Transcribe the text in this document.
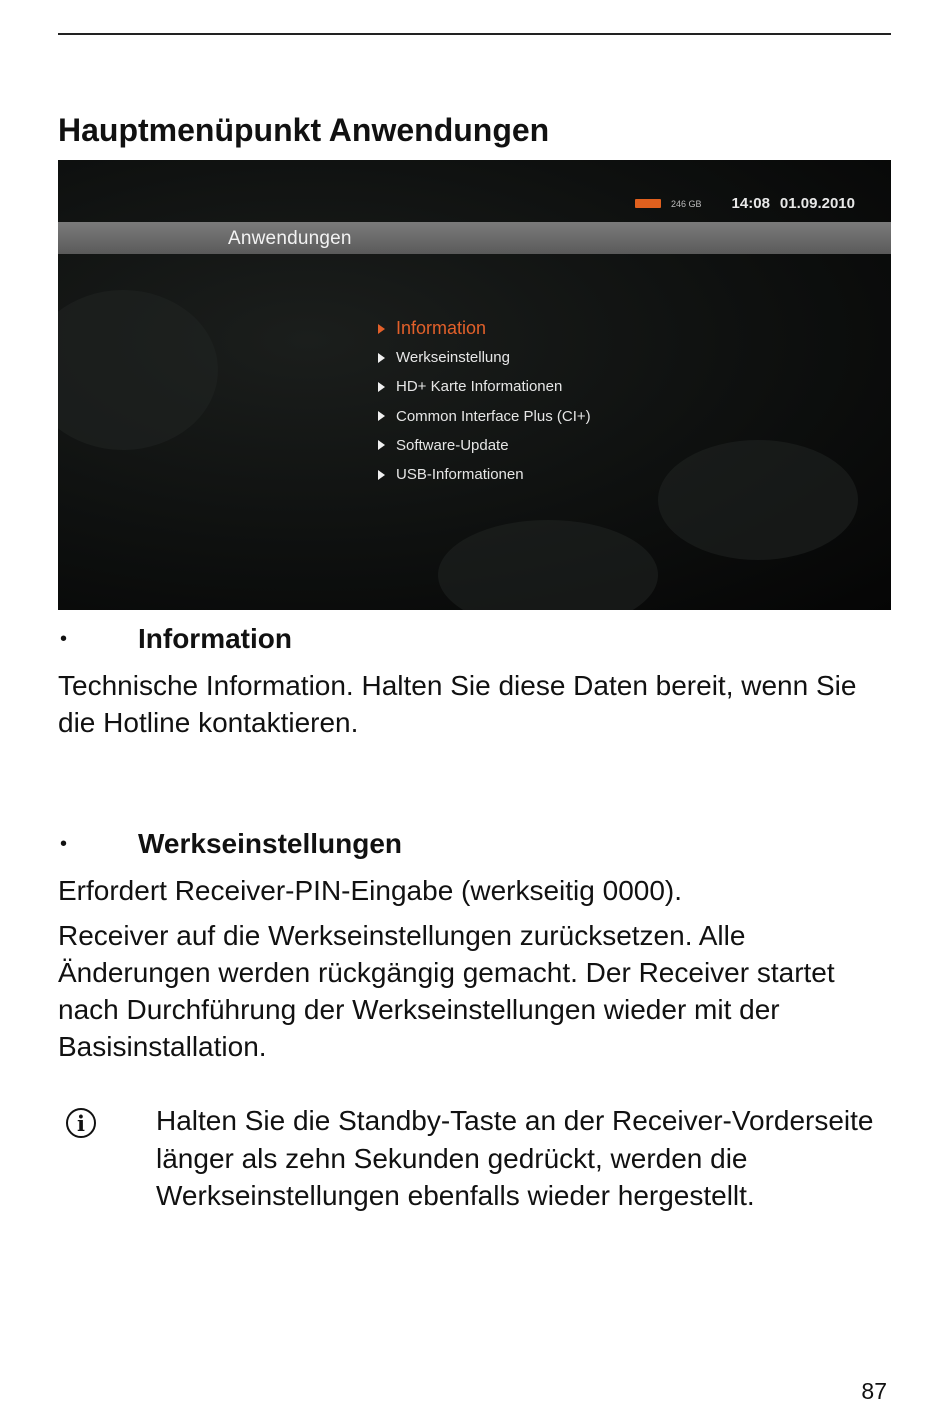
Hauptmenüpunkt Anwendungen
246 GB 14:08 01.09.2010
Anwendungen
Information
Werkseinstellung
HD+ Karte Informationen
Common Interface Plus (CI+)
Software-Update
USB-Informationen
•	Information

Technische Information. Halten Sie diese Daten bereit, wenn Sie die Hotline kontaktieren.

•	Werkseinstellungen

Erfordert Receiver-PIN-Eingabe (werkseitig 0000).

Receiver auf die Werkseinstellungen zurücksetzen. Alle Änderungen werden rückgängig gemacht. Der Receiver startet nach Durchführung der Werkseinstellungen wieder mit der Basisinstallation.

i	Halten Sie die Standby-Taste an der Receiver-Vorderseite länger als zehn Sekunden gedrückt, werden die Werkseinstellungen ebenfalls wieder hergestellt.

87
